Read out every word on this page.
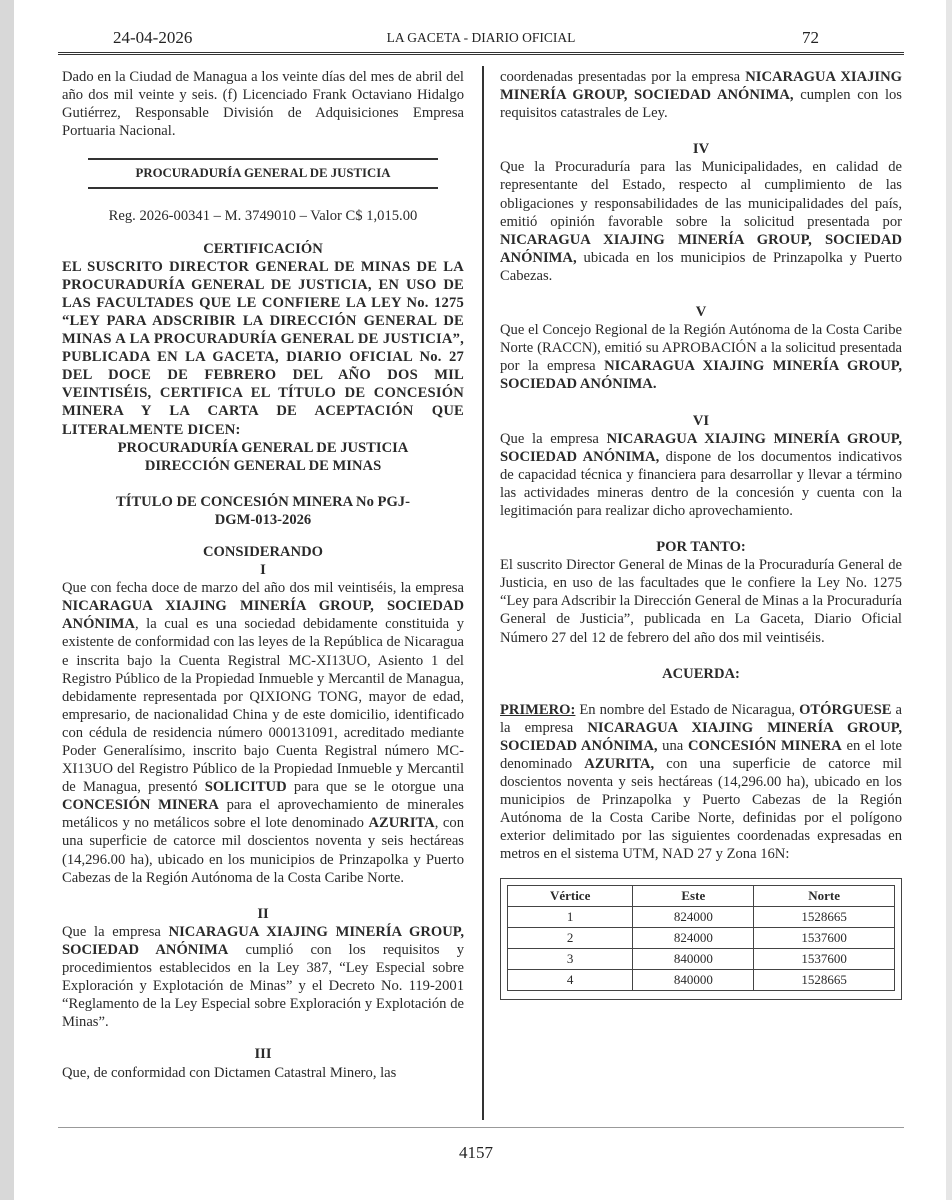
24-04-2026	LA GACETA - DIARIO OFICIAL	72

Dado en la Ciudad de Managua a los veinte días del mes de abril del año dos mil veinte y seis. (f) Licenciado Frank Octaviano Hidalgo Gutiérrez, Responsable División de Adquisiciones Empresa Portuaria Nacional.

PROCURADURÍA GENERAL DE JUSTICIA

Reg. 2026-00341 – M. 3749010 – Valor C$ 1,015.00

CERTIFICACIÓN

EL SUSCRITO DIRECTOR GENERAL DE MINAS DE LA PROCURADURÍA GENERAL DE JUSTICIA, EN USO DE LAS FACULTADES QUE LE CONFIERE LA LEY No. 1275 “LEY PARA ADSCRIBIR LA DIRECCIÓN GENERAL DE MINAS A LA PROCURADURÍA GENERAL DE JUSTICIA”, PUBLICADA EN LA GACETA, DIARIO OFICIAL No. 27 DEL DOCE DE FEBRERO DEL AÑO DOS MIL VEINTISÉIS, CERTIFICA EL TÍTULO DE CONCESIÓN MINERA Y LA CARTA DE ACEPTACIÓN QUE LITERALMENTE DICEN:

PROCURADURÍA GENERAL DE JUSTICIA

DIRECCIÓN GENERAL DE MINAS

TÍTULO DE CONCESIÓN MINERA No PGJ-

DGM-013-2026

CONSIDERANDO

I

Que con fecha doce de marzo del año dos mil veintiséis, la empresa NICARAGUA XIAJING MINERÍA GROUP, SOCIEDAD ANÓNIMA, la cual es una sociedad debidamente constituida y existente de conformidad con las leyes de la República de Nicaragua e inscrita bajo la Cuenta Registral MC-XI13UO, Asiento 1 del Registro Público de la Propiedad Inmueble y Mercantil de Managua, debidamente representada por QIXIONG TONG, mayor de edad, empresario, de nacionalidad China y de este domicilio, identificado con cédula de residencia número 000131091, acreditado mediante Poder Generalísimo, inscrito bajo Cuenta Registral número MC-XI13UO del Registro Público de la Propiedad Inmueble y Mercantil de Managua, presentó SOLICITUD para que se le otorgue una CONCESIÓN MINERA para el aprovechamiento de minerales metálicos y no metálicos sobre el lote denominado AZURITA, con una superficie de catorce mil doscientos noventa y seis hectáreas (14,296.00 ha), ubicado en los municipios de Prinzapolka y Puerto Cabezas de la Región Autónoma de la Costa Caribe Norte.

II

Que la empresa NICARAGUA XIAJING MINERÍA GROUP, SOCIEDAD ANÓNIMA cumplió con los requisitos y procedimientos establecidos en la Ley 387, “Ley Especial sobre Exploración y Explotación de Minas” y el Decreto No. 119-2001 “Reglamento de la Ley Especial sobre Exploración y Explotación de Minas”.

III

Que, de conformidad con Dictamen Catastral Minero, las

coordenadas presentadas por la empresa NICARAGUA XIAJING MINERÍA GROUP, SOCIEDAD ANÓNIMA, cumplen con los requisitos catastrales de Ley.

IV

Que la Procuraduría para las Municipalidades, en calidad de representante del Estado, respecto al cumplimiento de las obligaciones y responsabilidades de las municipalidades del país, emitió opinión favorable sobre la solicitud presentada por NICARAGUA XIAJING MINERÍA GROUP, SOCIEDAD ANÓNIMA, ubicada en los municipios de Prinzapolka y Puerto Cabezas.

V

Que el Concejo Regional de la Región Autónoma de la Costa Caribe Norte (RACCN), emitió su APROBACIÓN a la solicitud presentada por la empresa NICARAGUA XIAJING MINERÍA GROUP, SOCIEDAD ANÓNIMA.

VI

Que la empresa NICARAGUA XIAJING MINERÍA GROUP, SOCIEDAD ANÓNIMA, dispone de los documentos indicativos de capacidad técnica y financiera para desarrollar y llevar a término las actividades mineras dentro de la concesión y cuenta con la legitimación para realizar dicho aprovechamiento.

POR TANTO:

El suscrito Director General de Minas de la Procuraduría General de Justicia, en uso de las facultades que le confiere la Ley No. 1275 “Ley para Adscribir la Dirección General de Minas a la Procuraduría General de Justicia”, publicada en La Gaceta, Diario Oficial Número 27 del 12 de febrero del año dos mil veintiséis.

ACUERDA:

PRIMERO: En nombre del Estado de Nicaragua, OTÓRGUESE a la empresa NICARAGUA XIAJING MINERÍA GROUP, SOCIEDAD ANÓNIMA, una CONCESIÓN MINERA en el lote denominado AZURITA, con una superficie de catorce mil doscientos noventa y seis hectáreas (14,296.00 ha), ubicado en los municipios de Prinzapolka y Puerto Cabezas de la Región Autónoma de la Costa Caribe Norte, definidas por el polígono exterior delimitado por las siguientes coordenadas expresadas en metros en el sistema UTM, NAD 27 y Zona 16N:

Vértice	Este	Norte
1	824000	1528665
2	824000	1537600
3	840000	1537600
4	840000	1528665
4157
